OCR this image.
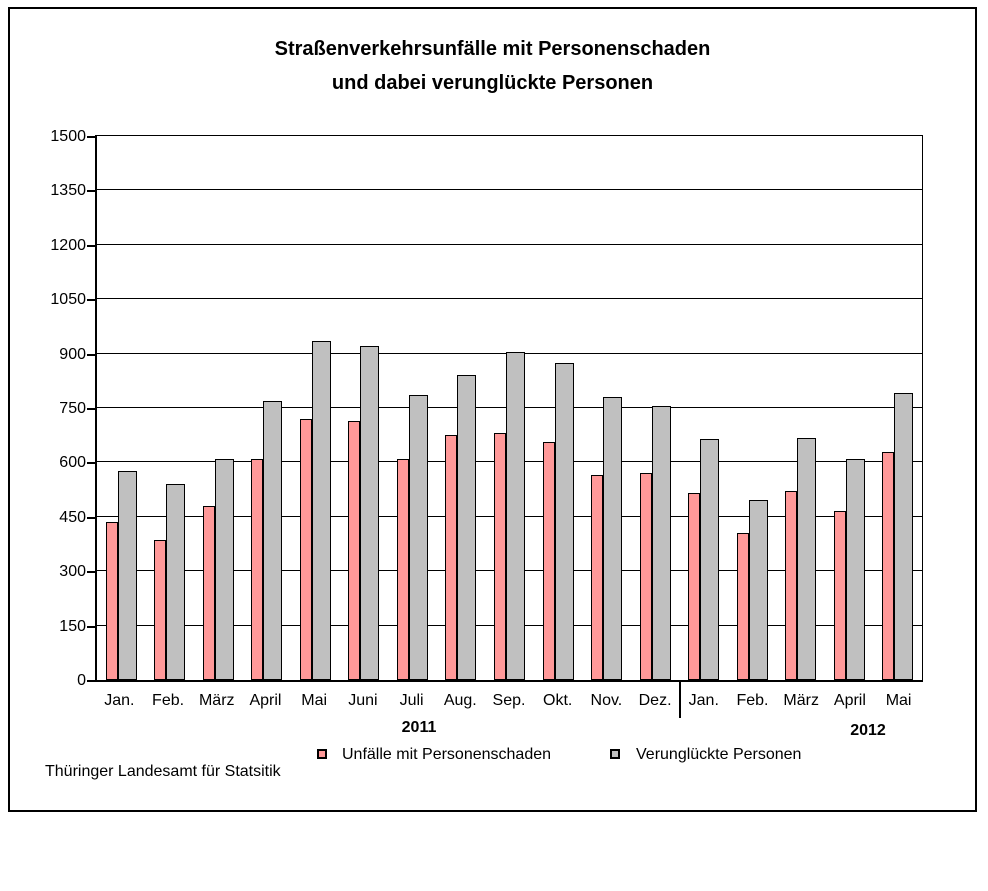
Straßenverkehrsunfälle mit Personenschaden
und dabei verunglückte Personen
0
150
300
450
600
750
900
1050
1200
1350
1500
Jan.	Feb. März April	Mai	Juni	Juli	Aug. Sep.	Okt.	Nov.	Dez.	Jan.	Feb. März April	Mai
2011	2012
Unfälle mit Personenschaden	Verunglückte Personen
Thüringer Landesamt für Statsitik
